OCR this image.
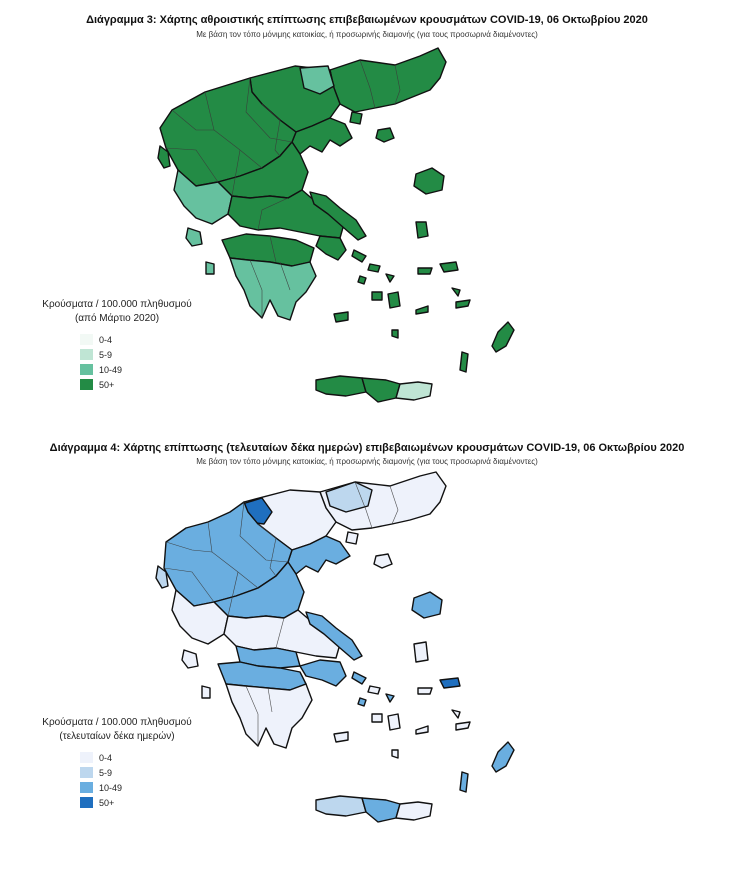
Διάγραμμα 3: Χάρτης αθροιστικής επίπτωσης επιβεβαιωμένων κρουσμάτων COVID-19, 06 Οκτωβρίου 2020
Με βάση τον τόπο μόνιμης κατοικίας, ή προσωρινής διαμονής (για τους προσωρινά διαμένοντες)
Κρούσματα / 100.000 πληθυσμού
(από Μάρτιο 2020)
0-4
5-9
10-49
50+
Διάγραμμα 4: Χάρτης επίπτωσης (τελευταίων δέκα ημερών) επιβεβαιωμένων κρουσμάτων COVID-19, 06 Οκτωβρίου 2020
Με βάση τον τόπο μόνιμης κατοικίας, ή προσωρινής διαμονής (για τους προσωρινά διαμένοντες)
Κρούσματα / 100.000 πληθυσμού
(τελευταίων δέκα ημερών)
0-4
5-9
10-49
50+
